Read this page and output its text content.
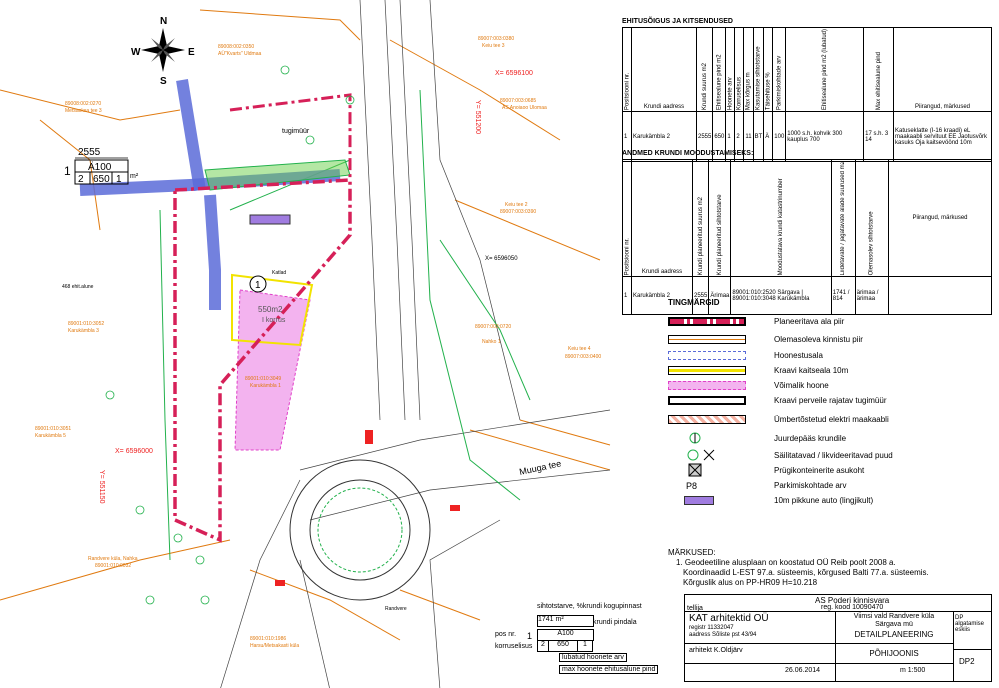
N
S
E
W	89008:002:0350
AÜ"Kvarts" Uldmaa
89007:003:0380
Keiu tee 3
89008:002:0270
Metsaoksa tee 3
89007:003:0685
AS Anoiaoo Ulomaa
89007:003:0390
Keiu tee 2
89001:010:3052
Karukämbla 3
89001:010:3051
Karukämbla 5
89001:010:3049
Karukämbla 1
89007:003:0720
Nahko 1
89007:003:0400
Keiu tee 4
Randvere küla, Nahka
89001:010:0032
89001:010:1986
Harsu/Metsakasti küla
X= 6596100
X= 6596050
X= 6596000
Y= 551200
Y= 551150
Muuga tee
550m2
I korrus
tugimüür
468 ehit.alune
Randvere
Katlad
2555
Ä100
2 650 1 m²
1
1
EHITUSÕIGUS JA KITSENDUSED
Positsiooni nr.	Krundi aadress	Krundi suurus m2	Ehitisealune pind m2	Hoonete arv	Korruselisus	Max kõrgus m	Kasutamise sihtotstarve	Täisehituse %	Parkimiskohtade arv	Ehitisealune pind m2 (lubatud)	Max ehitisealune pind	Piirangud, märkused
1	Karukämbla 2	2555	650	1	2	11	BT	Ä	100	1000 s.h. kohvik 300 kauplus 700	17 s.h. 3 14	Katuseklatte (I-16 kraadi) eL maakaabli servituut EE Jaotusvõrk kasuks Oja kaitsevöönd 10m
ANDMED KRUNDI MOODUSTAMISEKS:
Positsiooni nr.	Krundi aadress	Krundi planeeritud suurus m2	Krundi planeeritud sihtotstarve	Moodustatava krundi katastrinumber	Liidetavate / jagatavate alade suurused m2	Olemasolev sihtotstarve	Piirangud, märkused
1	Karukämbla 2	2555	Ärimaa	89001:010:2520 Särgava | 89001:010:3048 Karukämbla	1741 / 814	ärimaa / ärimaa	
TINGMÄRGID
Planeeritava ala piir
Olemasoleva kinnistu piir
Hoonestusala
Kraavi kaitseala 10m
Võimalik hoone
Kraavi perveile rajatav tugimüür
Ümbertõstetud elektri maakaabli
Juurdepääs krundile
Säilitatavad / likvideeritavad puud
Prügikonteinerite asukoht
P8	Parkimiskohtade arv
10m pikkune auto (lingjikult)
MÄRKUSED:
1. Geodeetiline alusplaan on koostatud OÜ Reib poolt 2008 a.
Koordinaadid L-EST 97.a. süsteemis, kõrgused Balti 77.a. süsteemis.
Kõrguslik alus on PP-HR09 H=10.218
sihtotstarve, %krundi kogupinnast
1741 m²	krundi pindala
Ä100
pos nr.
korruselisus	2	650	1
1
lubatud hoonete arv
max hoonete ehitusalune pind
tellija
AS Poderi kinnisvara
reg. kood 10090470
KAT arhitektid OÜ
registr 11332047
aadress Sõliste pst 43/94
arhitekt K.Oldjärv
26.06.2014
Viimsi vald Randvere küla
Särgava mü
DETAILPLANEERING
PÕHIJOONIS
m 1:500
DP algatamise eskiis
DP2
